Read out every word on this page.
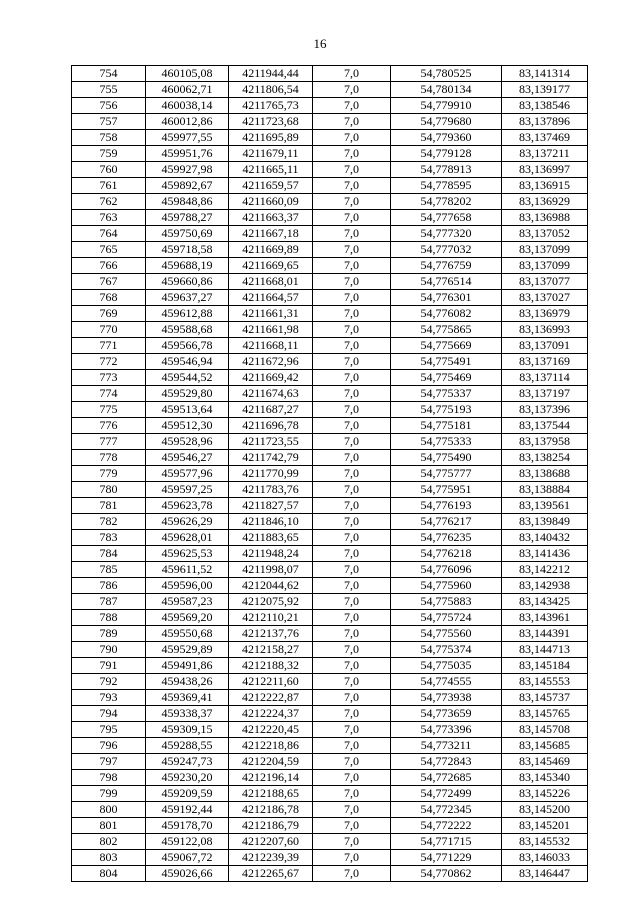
16
754	460105,08	4211944,44	7,0	54,780525	83,141314
755	460062,71	4211806,54	7,0	54,780134	83,139177
756	460038,14	4211765,73	7,0	54,779910	83,138546
757	460012,86	4211723,68	7,0	54,779680	83,137896
758	459977,55	4211695,89	7,0	54,779360	83,137469
759	459951,76	4211679,11	7,0	54,779128	83,137211
760	459927,98	4211665,11	7,0	54,778913	83,136997
761	459892,67	4211659,57	7,0	54,778595	83,136915
762	459848,86	4211660,09	7,0	54,778202	83,136929
763	459788,27	4211663,37	7,0	54,777658	83,136988
764	459750,69	4211667,18	7,0	54,777320	83,137052
765	459718,58	4211669,89	7,0	54,777032	83,137099
766	459688,19	4211669,65	7,0	54,776759	83,137099
767	459660,86	4211668,01	7,0	54,776514	83,137077
768	459637,27	4211664,57	7,0	54,776301	83,137027
769	459612,88	4211661,31	7,0	54,776082	83,136979
770	459588,68	4211661,98	7,0	54,775865	83,136993
771	459566,78	4211668,11	7,0	54,775669	83,137091
772	459546,94	4211672,96	7,0	54,775491	83,137169
773	459544,52	4211669,42	7,0	54,775469	83,137114
774	459529,80	4211674,63	7,0	54,775337	83,137197
775	459513,64	4211687,27	7,0	54,775193	83,137396
776	459512,30	4211696,78	7,0	54,775181	83,137544
777	459528,96	4211723,55	7,0	54,775333	83,137958
778	459546,27	4211742,79	7,0	54,775490	83,138254
779	459577,96	4211770,99	7,0	54,775777	83,138688
780	459597,25	4211783,76	7,0	54,775951	83,138884
781	459623,78	4211827,57	7,0	54,776193	83,139561
782	459626,29	4211846,10	7,0	54,776217	83,139849
783	459628,01	4211883,65	7,0	54,776235	83,140432
784	459625,53	4211948,24	7,0	54,776218	83,141436
785	459611,52	4211998,07	7,0	54,776096	83,142212
786	459596,00	4212044,62	7,0	54,775960	83,142938
787	459587,23	4212075,92	7,0	54,775883	83,143425
788	459569,20	4212110,21	7,0	54,775724	83,143961
789	459550,68	4212137,76	7,0	54,775560	83,144391
790	459529,89	4212158,27	7,0	54,775374	83,144713
791	459491,86	4212188,32	7,0	54,775035	83,145184
792	459438,26	4212211,60	7,0	54,774555	83,145553
793	459369,41	4212222,87	7,0	54,773938	83,145737
794	459338,37	4212224,37	7,0	54,773659	83,145765
795	459309,15	4212220,45	7,0	54,773396	83,145708
796	459288,55	4212218,86	7,0	54,773211	83,145685
797	459247,73	4212204,59	7,0	54,772843	83,145469
798	459230,20	4212196,14	7,0	54,772685	83,145340
799	459209,59	4212188,65	7,0	54,772499	83,145226
800	459192,44	4212186,78	7,0	54,772345	83,145200
801	459178,70	4212186,79	7,0	54,772222	83,145201
802	459122,08	4212207,60	7,0	54,771715	83,145532
803	459067,72	4212239,39	7,0	54,771229	83,146033
804	459026,66	4212265,67	7,0	54,770862	83,146447
